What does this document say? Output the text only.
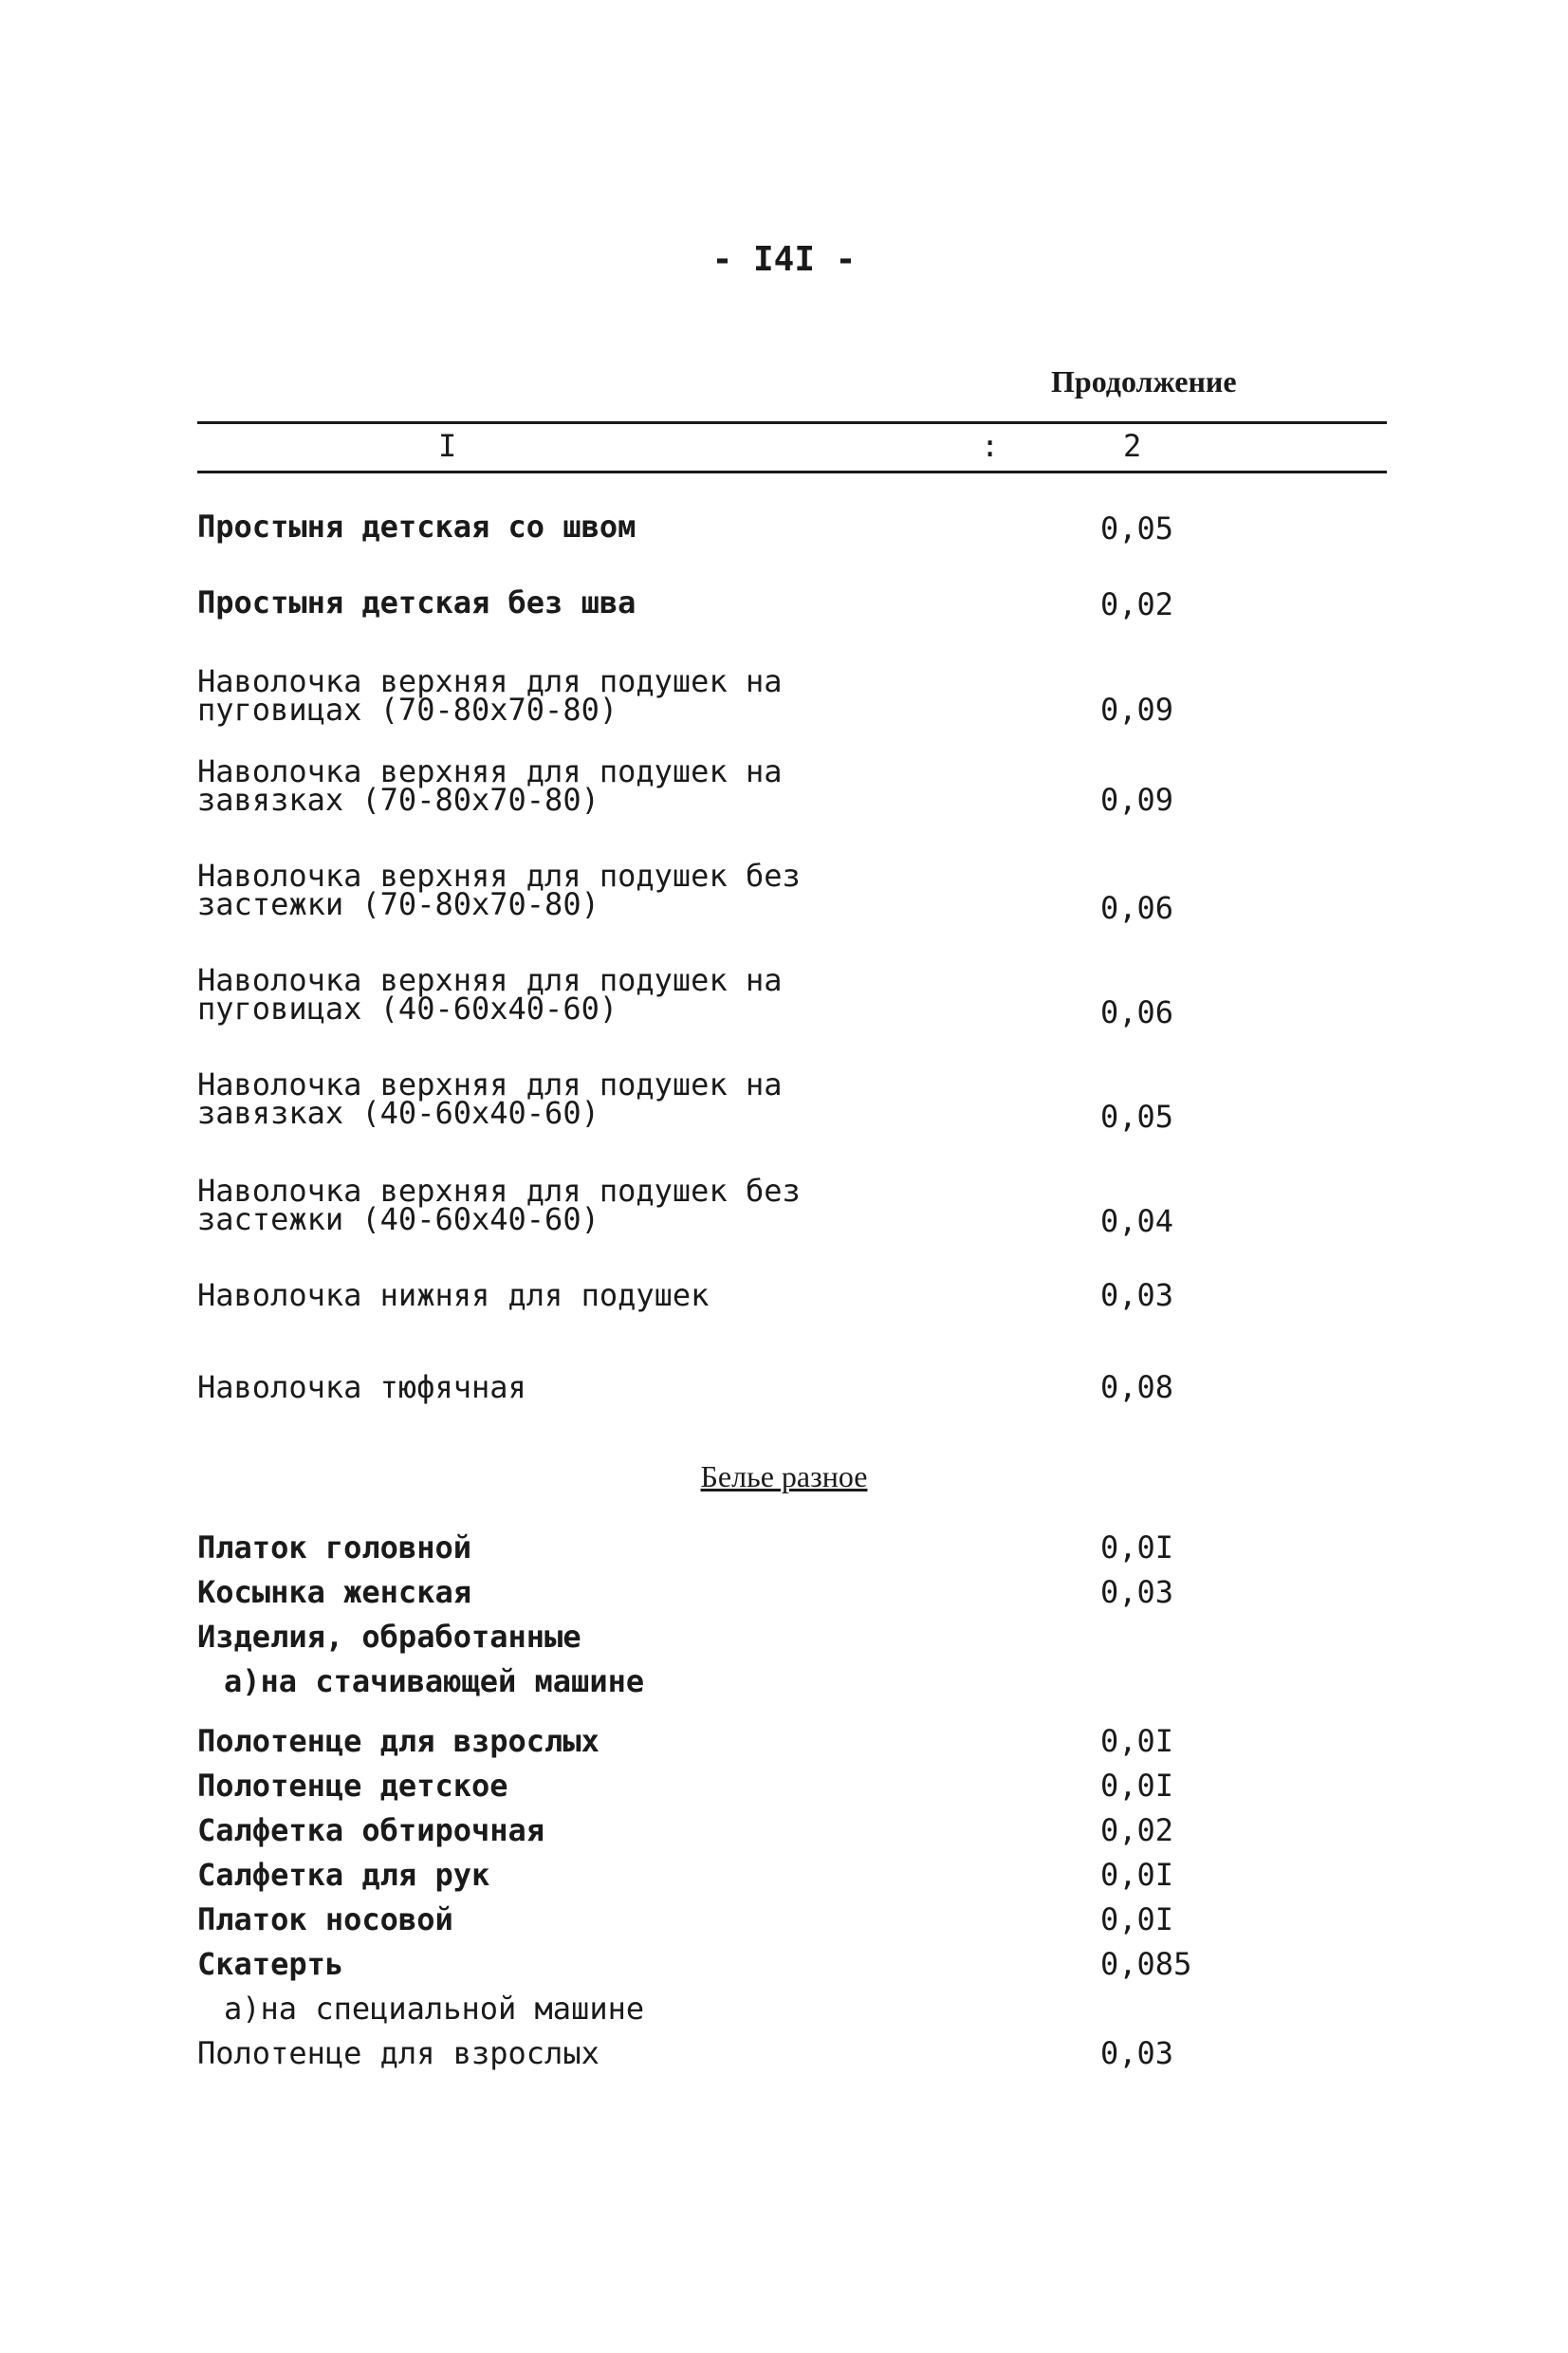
- I4I -
Продолжение
I	:	2
Простыня детская со швом	0,05
Простыня детская без шва	0,02
Наволочка верхняя для подушек на
пуговицах (70-80х70-80)	0,09
Наволочка верхняя для подушек на
завязках (70-80х70-80)	0,09
Наволочка верхняя для подушек без
застежки (70-80х70-80)	0,06
Наволочка верхняя для подушек на
пуговицах (40-60х40-60)	0,06
Наволочка верхняя для подушек на
завязках (40-60х40-60)	0,05
Наволочка верхняя для подушек без
застежки (40-60х40-60)	0,04
Наволочка нижняя для подушек	0,03
Наволочка тюфячная	0,08
Белье разное
Платок головной	0,0I
Косынка женская	0,03
Изделия, обработанные
а)на стачивающей машине
Полотенце для взрослых	0,0I
Полотенце детское	0,0I
Салфетка обтирочная	0,02
Салфетка для рук	0,0I
Платок носовой	0,0I
Скатерть	0,085
а)на специальной машине
Полотенце для взрослых	0,03
